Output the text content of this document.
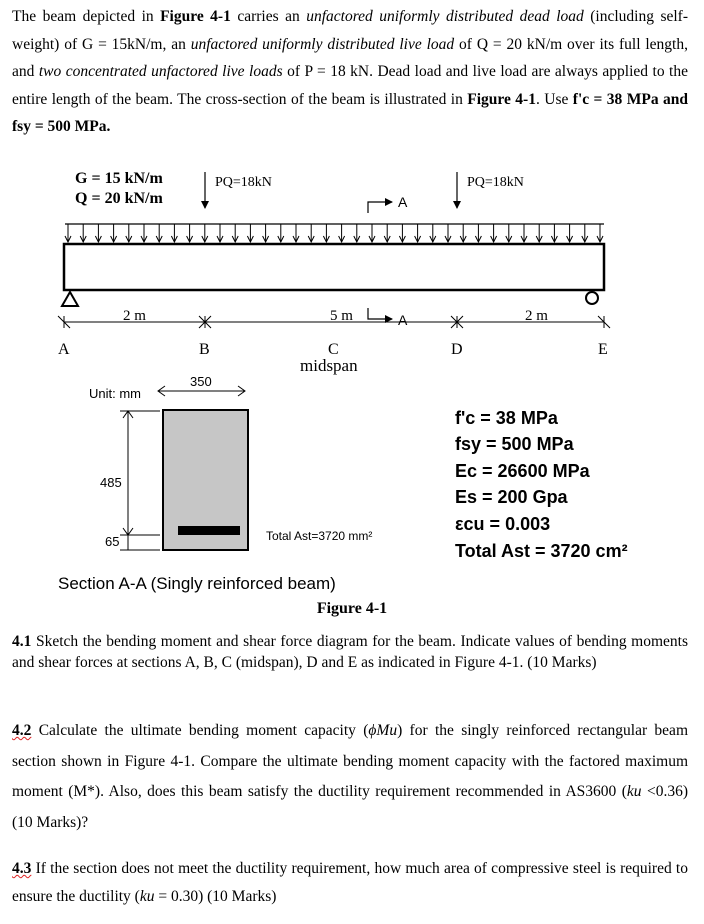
The beam depicted in Figure 4-1 carries an unfactored uniformly distributed dead load (including self-weight) of G = 15kN/m, an unfactored uniformly distributed live load of Q = 20 kN/m over its full length, and two concentrated unfactored live loads of P = 18 kN. Dead load and live load are always applied to the entire length of the beam. The cross-section of the beam is illustrated in Figure 4-1. Use f'c = 38 MPa and fsy = 500 MPa.
G = 15 kN/m
Q = 20 kN/m
PQ=18kN	PQ=18kN
A
2 m	5 m	2 m
A
A	B	C
midspan
D	E
Unit: mm
350
485
65	Total Ast=3720 mm²
f'c = 38 MPa
fsy = 500 MPa
Ec = 26600 MPa
Es = 200 Gpa
εcu = 0.003
Total Ast = 3720 cm²
Section A-A (Singly reinforced beam)
Figure 4-1
4.1 Sketch the bending moment and shear force diagram for the beam. Indicate values of bending moments and shear forces at sections A, B, C (midspan), D and E as indicated in Figure 4-1. (10 Marks)
4.2 Calculate the ultimate bending moment capacity (ϕMu) for the singly reinforced rectangular beam section shown in Figure 4-1. Compare the ultimate bending moment capacity with the factored maximum moment (M*). Also, does this beam satisfy the ductility requirement recommended in AS3600 (ku <0.36) (10 Marks)?
4.3 If the section does not meet the ductility requirement, how much area of compressive steel is required to ensure the ductility (ku = 0.30) (10 Marks)
